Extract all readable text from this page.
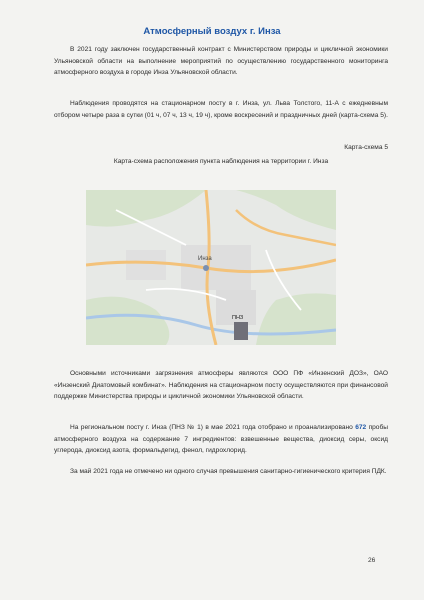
Атмосферный воздух г. Инза

В 2021 году заключен государственный контракт с Министерством природы и цикличной экономики Ульяновской области на выполнение мероприятий по осуществлению государственного мониторинга атмосферного воздуха в городе Инза Ульяновской области.

Наблюдения проводятся на стационарном посту в г. Инза, ул. Льва Толстого, 11-А с ежедневным отбором четыре раза в сутки (01 ч, 07 ч, 13 ч, 19 ч), кроме воскресений и праздничных дней (карта-схема 5).

Карта-схема 5

Карта-схема расположения пункта наблюдения на территории г. Инза

Инза
ПНЗ

Основными источниками загрязнения атмосферы являются ООО ПФ «Инзенский ДОЗ», ОАО «Инзенский Диатомовый комбинат». Наблюдения на стационарном посту осуществляются при финансовой поддержке Министерства природы и цикличной экономики Ульяновской области.

На региональном посту г. Инза (ПНЗ № 1) в мае 2021 года отобрано и проанализировано 672 пробы атмосферного воздуха на содержание 7 ингредиентов: взвешенные вещества, диоксид серы, оксид углерода, диоксид азота, формальдегид, фенол, гидрохлорид.

За май 2021 года не отмечено ни одного случая превышения санитарно-гигиенического критерия ПДК.

26
